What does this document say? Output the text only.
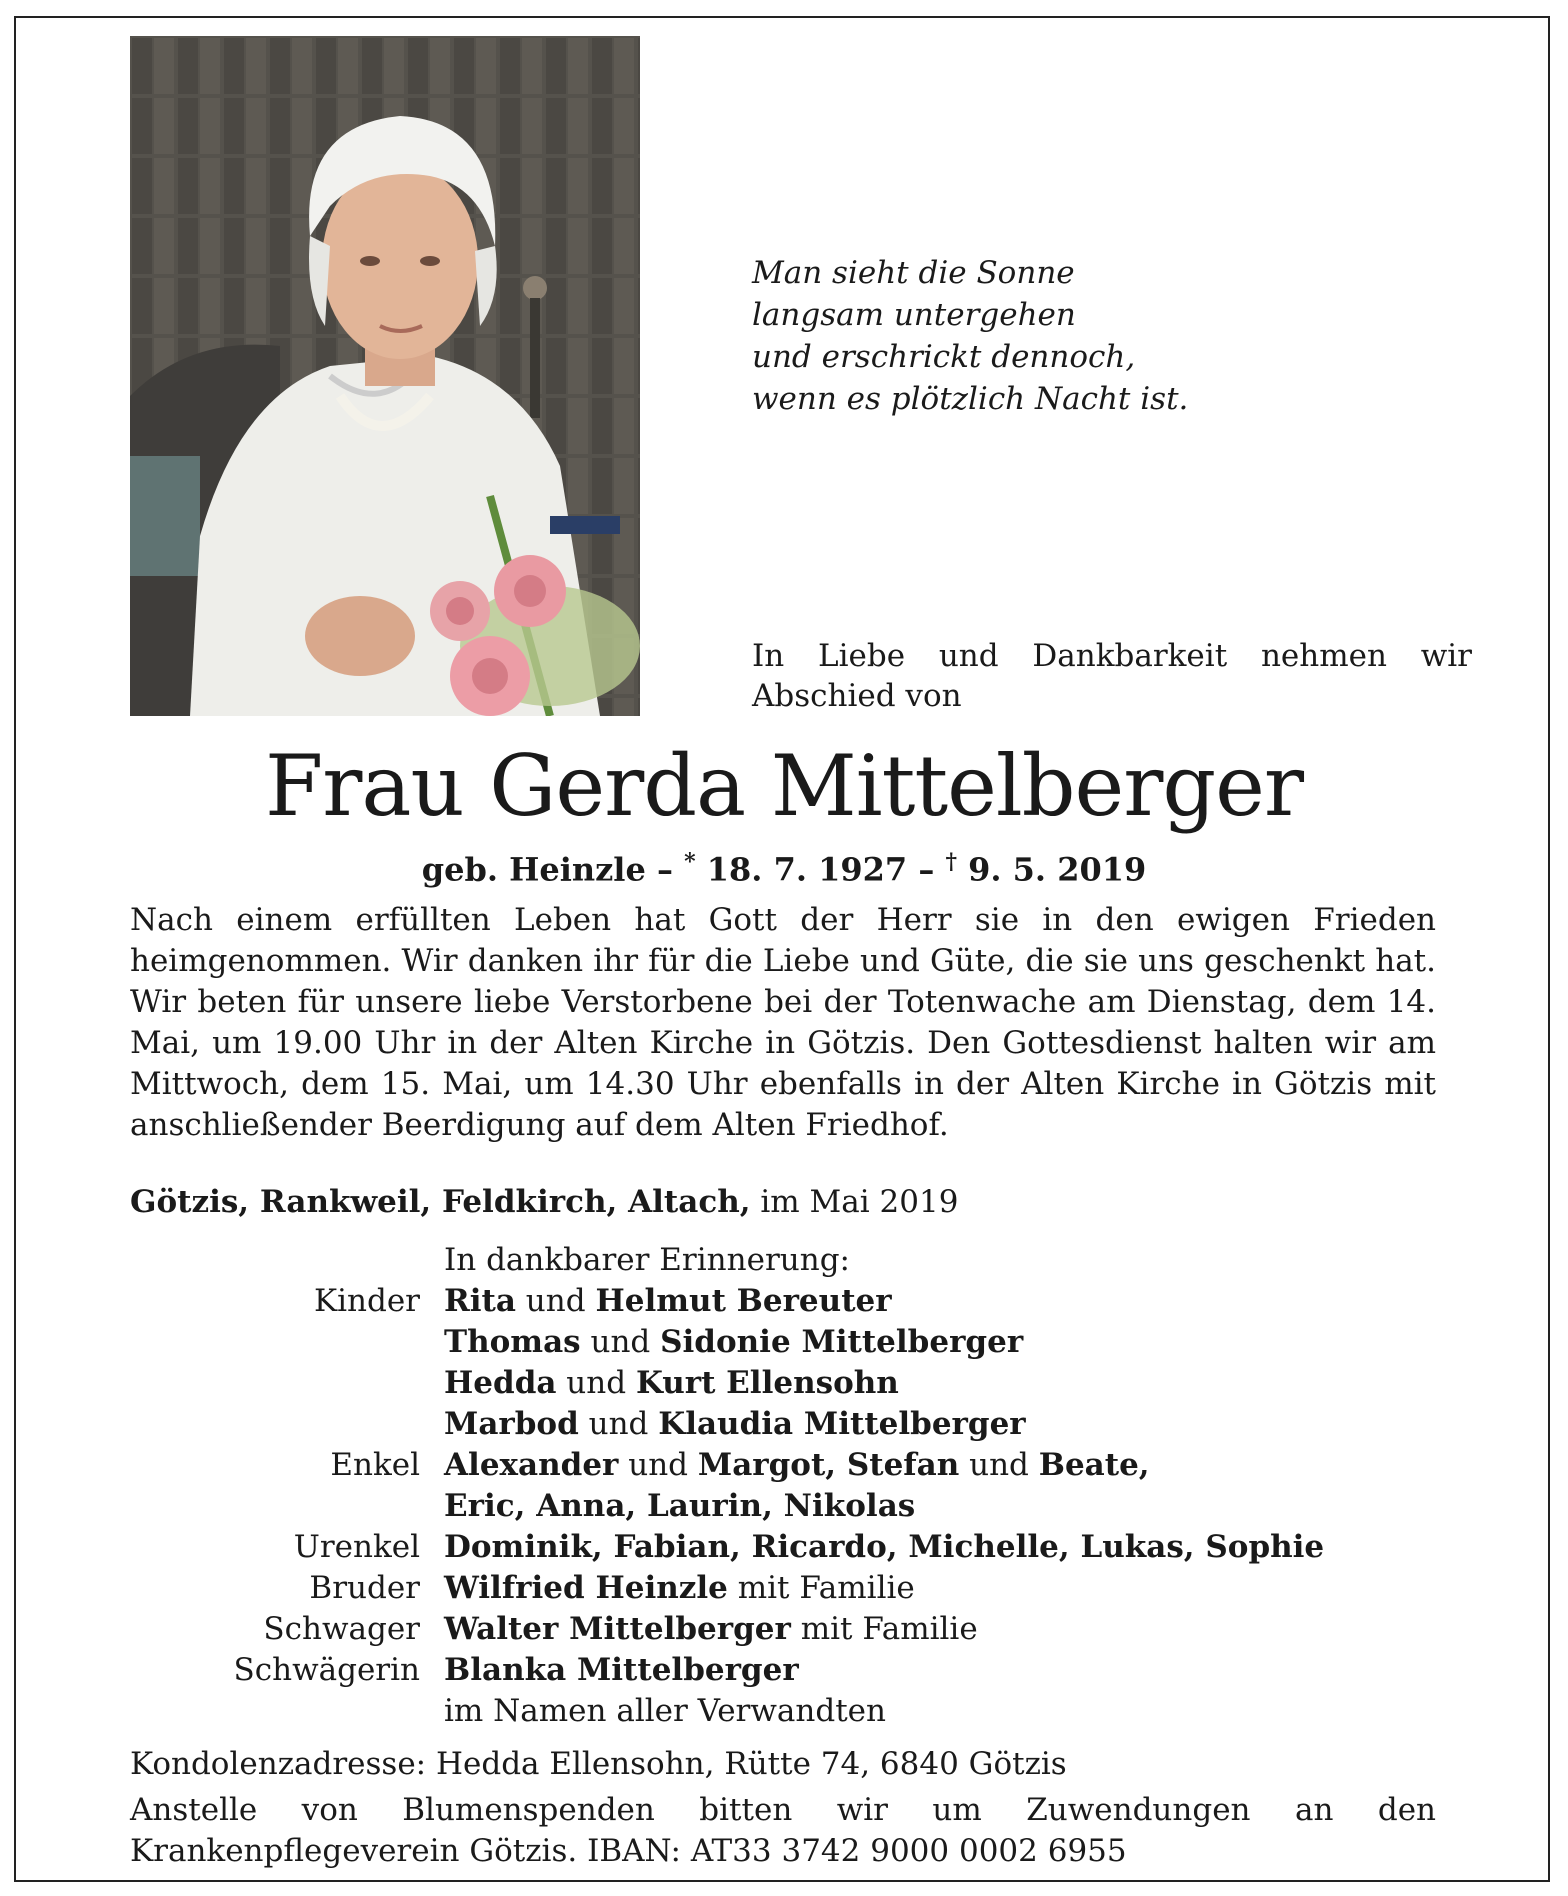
Man sieht die Sonne
langsam untergehen
und erschrickt dennoch,
wenn es plötzlich Nacht ist.
In Liebe und Dankbarkeit nehmen wir
Abschied von
Frau Gerda Mittelberger
geb. Heinzle – * 18. 7. 1927 – † 9. 5. 2019
Nach einem erfüllten Leben hat Gott der Herr sie in den ewigen Frieden heimgenommen. Wir danken ihr für die Liebe und Güte, die sie uns geschenkt hat. Wir beten für unsere liebe Verstorbene bei der Totenwache am Dienstag, dem 14. Mai, um 19.00 Uhr in der Alten Kirche in Götzis. Den Gottesdienst halten wir am Mittwoch, dem 15. Mai, um 14.30 Uhr ebenfalls in der Alten Kirche in Götzis mit anschließender Beerdigung auf dem Alten Friedhof.
Götzis, Rankweil, Feldkirch, Altach, im Mai 2019
In dankbarer Erinnerung:
Kinder Rita und Helmut Bereuter
Thomas und Sidonie Mittelberger
Hedda und Kurt Ellensohn
Marbod und Klaudia Mittelberger
Enkel Alexander und Margot, Stefan und Beate,
Eric, Anna, Laurin, Nikolas
Urenkel Dominik, Fabian, Ricardo, Michelle, Lukas, Sophie
Bruder Wilfried Heinzle mit Familie
Schwager Walter Mittelberger mit Familie
Schwägerin Blanka Mittelberger
im Namen aller Verwandten
Kondolenzadresse: Hedda Ellensohn, Rütte 74, 6840 Götzis
Anstelle von Blumenspenden bitten wir um Zuwendungen an den Krankenpflegeverein Götzis. IBAN: AT33 3742 9000 0002 6955
